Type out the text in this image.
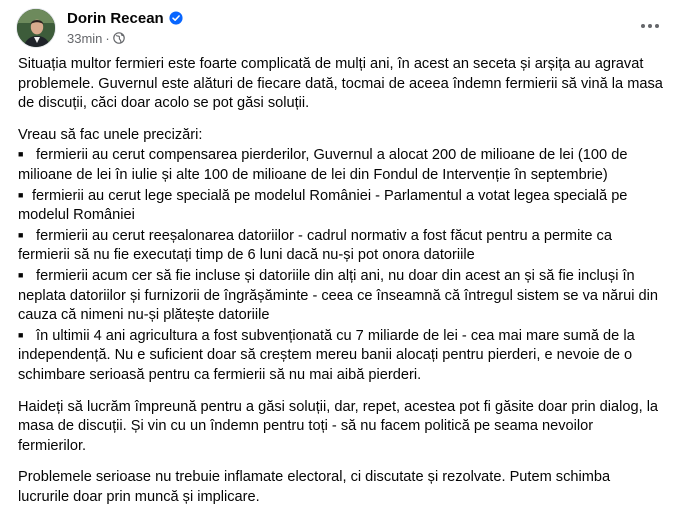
Dorin Recean
33min ·

Situația multor fermieri este foarte complicată de mulți ani, în acest an seceta și arșița au agravat problemele. Guvernul este alături de fiecare dată, tocmai de aceea îndemn fermierii să vină la masa de discuții, căci doar acolo se pot găsi soluții.

Vreau să fac unele precizări:
■ fermierii au cerut compensarea pierderilor, Guvernul a alocat 200 de milioane de lei (100 de milioane de lei în iulie și alte 100 de milioane de lei din Fondul de Intervenție în septembrie)
■ fermierii au cerut lege specială pe modelul României - Parlamentul a votat legea specială pe modelul României
■ fermierii au cerut reeșalonarea datoriilor - cadrul normativ a fost făcut pentru a permite ca fermierii să nu fie executați timp de 6 luni dacă nu-și pot onora datoriile
■ fermierii acum cer să fie incluse și datoriile din alți ani, nu doar din acest an și să fie incluși în neplata datoriilor și furnizorii de îngrășăminte - ceea ce înseamnă că întregul sistem se va nărui din cauza că nimeni nu-și plătește datoriile
■ în ultimii 4 ani agricultura a fost subvenționată cu 7 miliarde de lei - cea mai mare sumă de la independență. Nu e suficient doar să creștem mereu banii alocați pentru pierderi, e nevoie de o schimbare serioasă pentru ca fermierii să nu mai aibă pierderi.

Haideți să lucrăm împreună pentru a găsi soluții, dar, repet, acestea pot fi găsite doar prin dialog, la masa de discuții. Și vin cu un îndemn pentru toți - să nu facem politică pe seama nevoilor fermierilor.

Problemele serioase nu trebuie inflamate electoral, ci discutate și rezolvate. Putem schimba lucrurile doar prin muncă și implicare.
